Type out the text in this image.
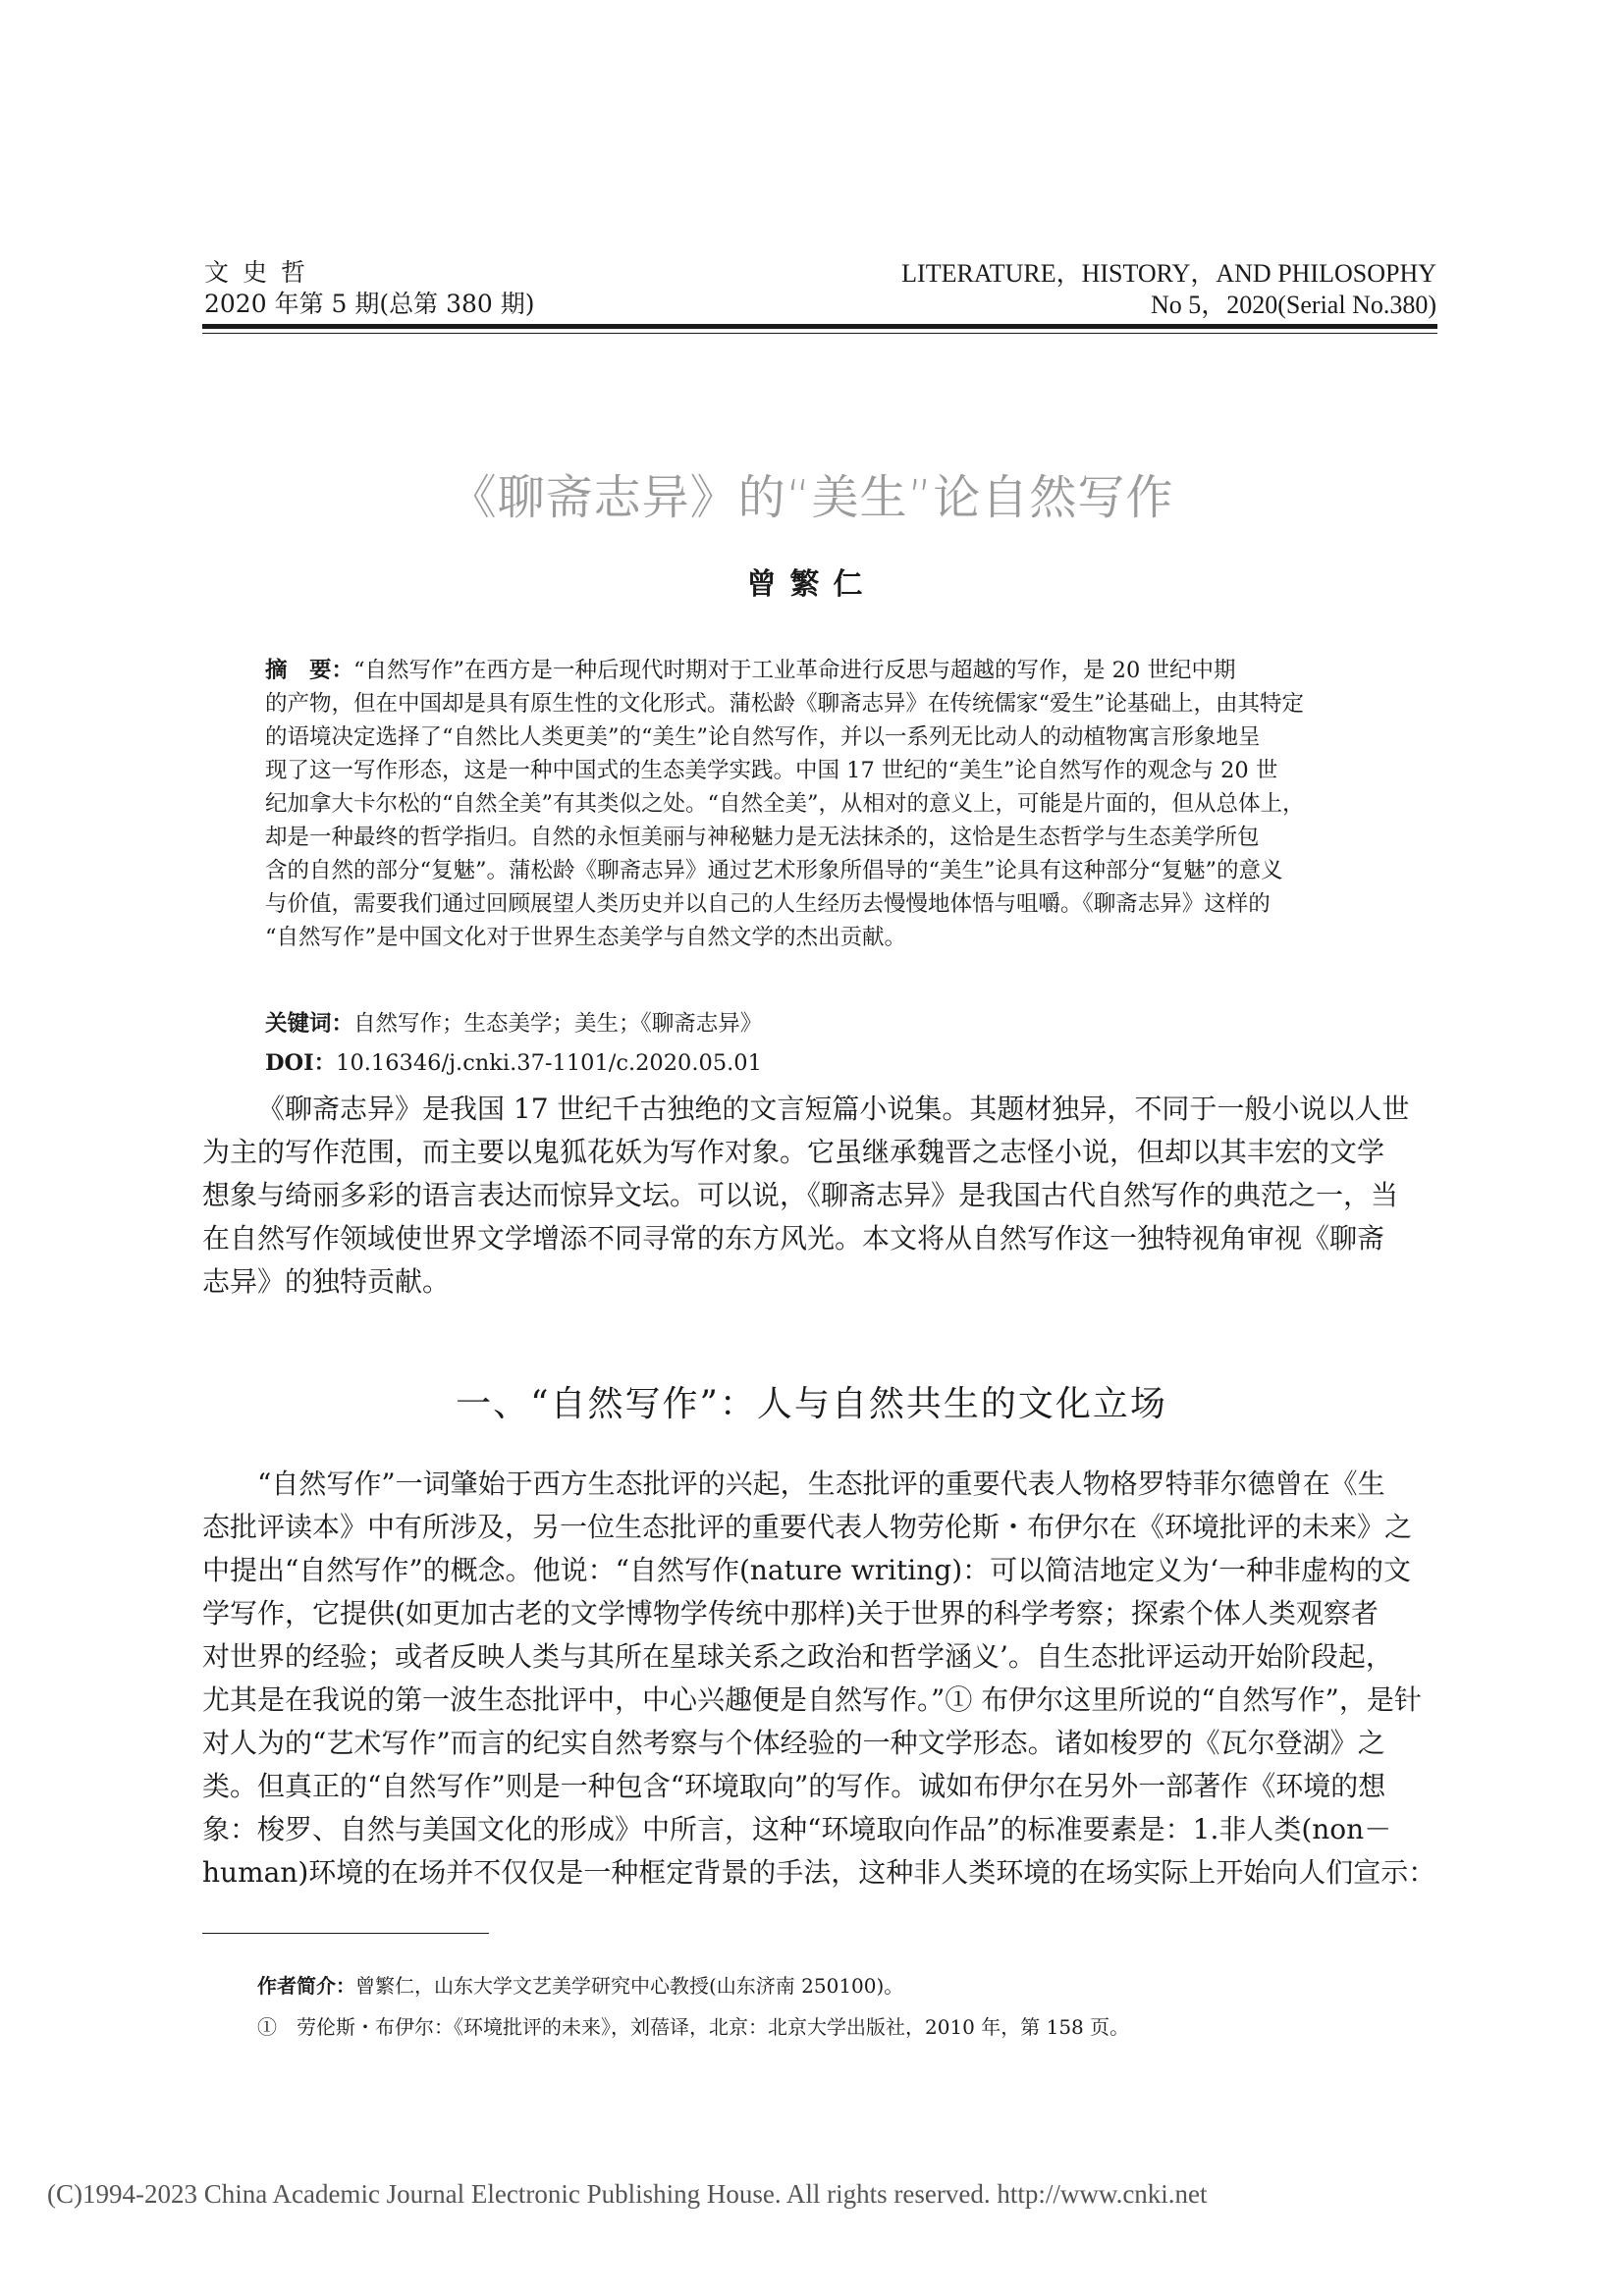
文史哲
2020 年第 5 期(总第 380 期)
LITERATURE，HISTORY，AND PHILOSOPHY
No 5，2020(Serial No.380)
《聊斋志异》的“美生”论自然写作
曾繁仁
摘　要：“自然写作”在西方是一种后现代时期对于工业革命进行反思与超越的写作，是 20 世纪中期
的产物，但在中国却是具有原生性的文化形式。蒲松龄《聊斋志异》在传统儒家“爱生”论基础上，由其特定
的语境决定选择了“自然比人类更美”的“美生”论自然写作，并以一系列无比动人的动植物寓言形象地呈
现了这一写作形态，这是一种中国式的生态美学实践。中国 17 世纪的“美生”论自然写作的观念与 20 世
纪加拿大卡尔松的“自然全美”有其类似之处。“自然全美”，从相对的意义上，可能是片面的，但从总体上，
却是一种最终的哲学指归。自然的永恒美丽与神秘魅力是无法抹杀的，这恰是生态哲学与生态美学所包
含的自然的部分“复魅”。蒲松龄《聊斋志异》通过艺术形象所倡导的“美生”论具有这种部分“复魅”的意义
与价值，需要我们通过回顾展望人类历史并以自己的人生经历去慢慢地体悟与咀嚼。《聊斋志异》这样的
“自然写作”是中国文化对于世界生态美学与自然文学的杰出贡献。
关键词：自然写作；生态美学；美生；《聊斋志异》
DOI：10.16346/j.cnki.37-1101/c.2020.05.01
《聊斋志异》是我国 17 世纪千古独绝的文言短篇小说集。其题材独异，不同于一般小说以人世
为主的写作范围，而主要以鬼狐花妖为写作对象。它虽继承魏晋之志怪小说，但却以其丰宏的文学
想象与绮丽多彩的语言表达而惊异文坛。可以说，《聊斋志异》是我国古代自然写作的典范之一，当
在自然写作领域使世界文学增添不同寻常的东方风光。本文将从自然写作这一独特视角审视《聊斋
志异》的独特贡献。
一、“自然写作”：人与自然共生的文化立场
“自然写作”一词肇始于西方生态批评的兴起，生态批评的重要代表人物格罗特菲尔德曾在《生
态批评读本》中有所涉及，另一位生态批评的重要代表人物劳伦斯・布伊尔在《环境批评的未来》之
中提出“自然写作”的概念。他说：“自然写作(nature writing)：可以简洁地定义为‘一种非虚构的文
学写作，它提供(如更加古老的文学博物学传统中那样)关于世界的科学考察；探索个体人类观察者
对世界的经验；或者反映人类与其所在星球关系之政治和哲学涵义’。自生态批评运动开始阶段起，
尤其是在我说的第一波生态批评中，中心兴趣便是自然写作。”① 布伊尔这里所说的“自然写作”，是针
对人为的“艺术写作”而言的纪实自然考察与个体经验的一种文学形态。诸如梭罗的《瓦尔登湖》之
类。但真正的“自然写作”则是一种包含“环境取向”的写作。诚如布伊尔在另外一部著作《环境的想
象：梭罗、自然与美国文化的形成》中所言，这种“环境取向作品”的标准要素是：1.非人类(non－
human)环境的在场并不仅仅是一种框定背景的手法，这种非人类环境的在场实际上开始向人们宣示：
作者简介：曾繁仁，山东大学文艺美学研究中心教授(山东济南 250100)。
①　劳伦斯・布伊尔：《环境批评的未来》，刘蓓译，北京：北京大学出版社，2010 年，第 158 页。
(C)1994-2023 China Academic Journal Electronic Publishing House. All rights reserved. http://www.cnki.net
